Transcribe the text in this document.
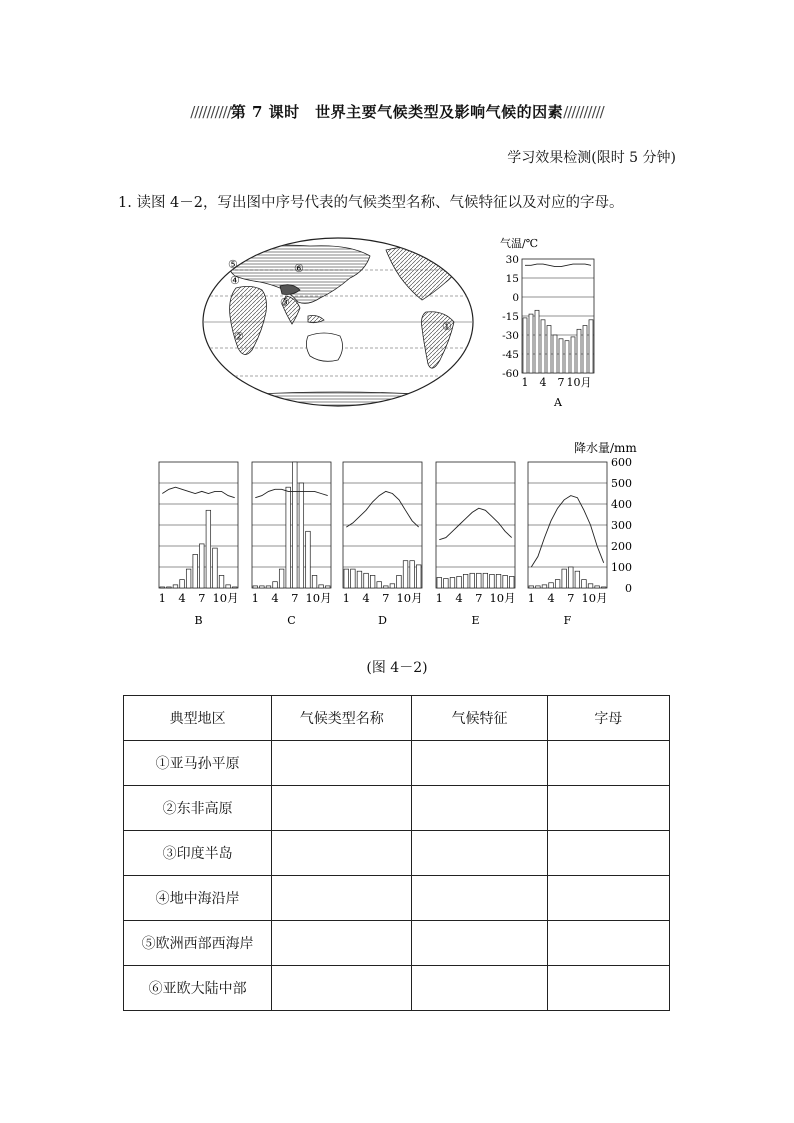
//////////第 7 课时　世界主要气候类型及影响气候的因素//////////
学习效果检测(限时 5 分钟)
1. 读图 4－2，写出图中序号代表的气候类型名称、气候特征以及对应的字母。
⑤
④
②
③
⑥
①
气温/℃
30
15
0
-15
-30
-45
-60
1 4 7 10月
A
降水量/mm
600
500
400
300
200
100
0
1 4 7 10月
B
1 4 7 10月
C
1 4 7 10月
D
1 4 7 10月
E
1 4 7 10月
F
(图 4－2)
典型地区	气候类型名称	气候特征	字母
①亚马孙平原			
②东非高原			
③印度半岛			
④地中海沿岸			
⑤欧洲西部西海岸			
⑥亚欧大陆中部			
